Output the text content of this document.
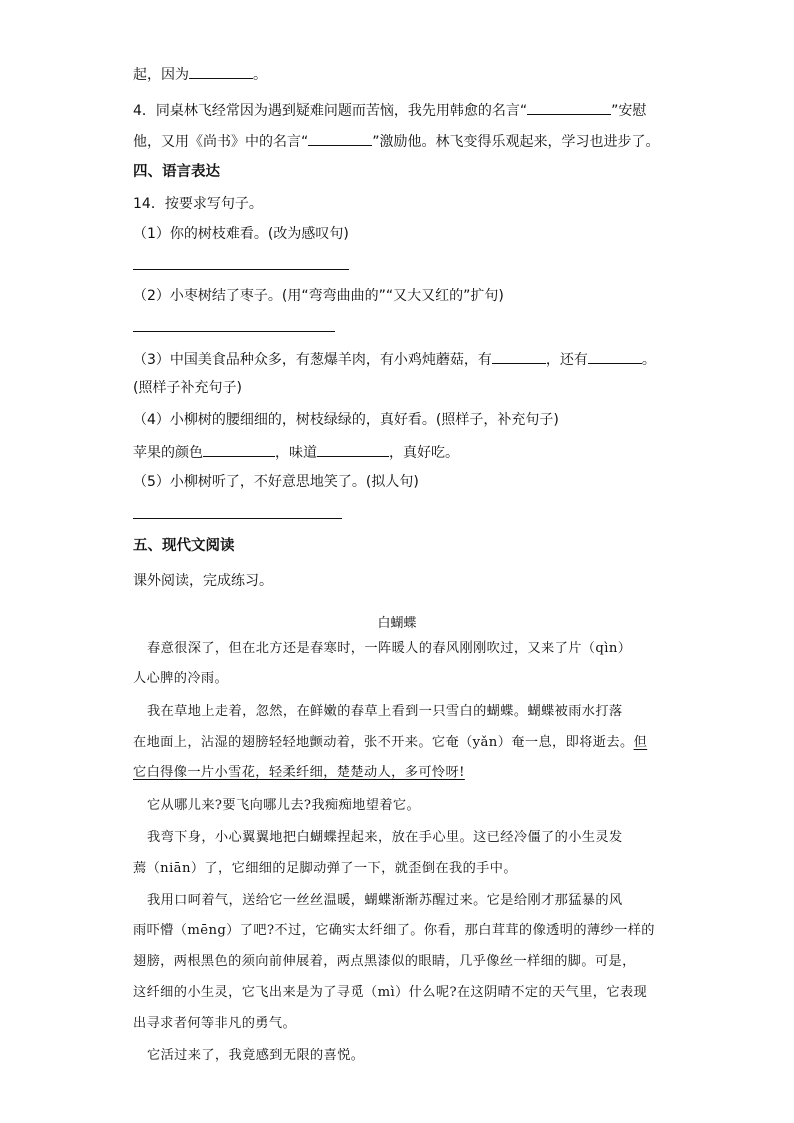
起，因为	。
4．同桌林飞经常因为遇到疑难问题而苦恼，我先用韩愈的名言“	”安慰
他，又用《尚书》中的名言“	”激励他。林飞变得乐观起来，学习也进步了。
四、语言表达
14．按要求写句子。
（1）你的树枝难看。(改为感叹句)
（2）小枣树结了枣子。(用“弯弯曲曲的”“又大又红的”扩句)
（3）中国美食品种众多，有葱爆羊肉，有小鸡炖蘑菇，有	，还有	。
(照样子补充句子)
（4）小柳树的腰细细的，树枝绿绿的，真好看。(照样子，补充句子)
苹果的颜色	，味道	，真好吃。
（5）小柳树听了，不好意思地笑了。(拟人句)
五、现代文阅读
课外阅读，完成练习。
白蝴蝶
春意很深了，但在北方还是春寒时，一阵暖人的春风刚刚吹过，又来了片（qìn）
人心脾的冷雨。
我在草地上走着，忽然，在鲜嫩的春草上看到一只雪白的蝴蝶。蝴蝶被雨水打落
在地面上，沾湿的翅膀轻轻地颤动着，张不开来。它奄（yǎn）奄一息，即将逝去。但
它白得像一片小雪花，轻柔纤细，楚楚动人，多可怜呀!
它从哪儿来?要飞向哪儿去?我痴痴地望着它。
我弯下身，小心翼翼地把白蝴蝶捏起来，放在手心里。这已经冷僵了的小生灵发
蔫（niān）了，它细细的足脚动弹了一下，就歪倒在我的手中。
我用口呵着气，送给它一丝丝温暖，蝴蝶渐渐苏醒过来。它是给刚才那猛暴的风
雨吓懵（mēng）了吧?不过，它确实太纤细了。你看，那白茸茸的像透明的薄纱一样的
翅膀，两根黑色的须向前伸展着，两点黑漆似的眼睛，几乎像丝一样细的脚。可是，
这纤细的小生灵，它飞出来是为了寻觅（mì）什么呢?在这阴晴不定的天气里，它表现
出寻求者何等非凡的勇气。
它活过来了，我竟感到无限的喜悦。
